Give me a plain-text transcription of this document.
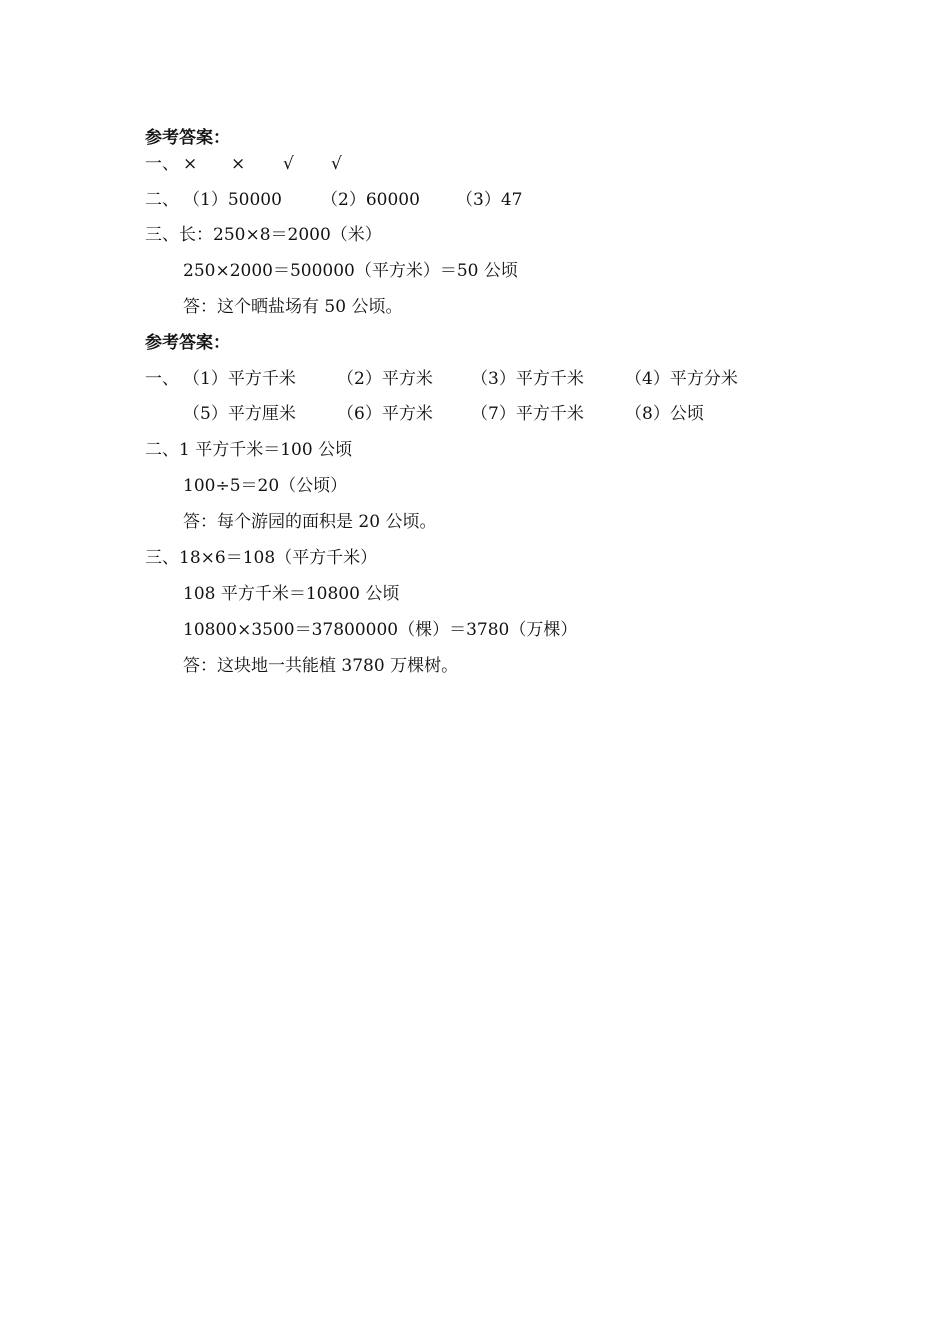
参考答案：
一、 × × √ √
二、 （1）50000 （2）60000 （3）47
三、长：250×8＝2000（米）
250×2000＝500000（平方米）＝50 公顷
答：这个晒盐场有 50 公顷。
参考答案：
一、 （1）平方千米 （2）平方米 （3）平方千米 （4）平方分米
（5）平方厘米 （6）平方米 （7）平方千米 （8）公顷
二、1 平方千米＝100 公顷
100÷5＝20（公顷）
答：每个游园的面积是 20 公顷。
三、18×6＝108（平方千米）
108 平方千米＝10800 公顷
10800×3500＝37800000（棵）＝3780（万棵）
答：这块地一共能植 3780 万棵树。
